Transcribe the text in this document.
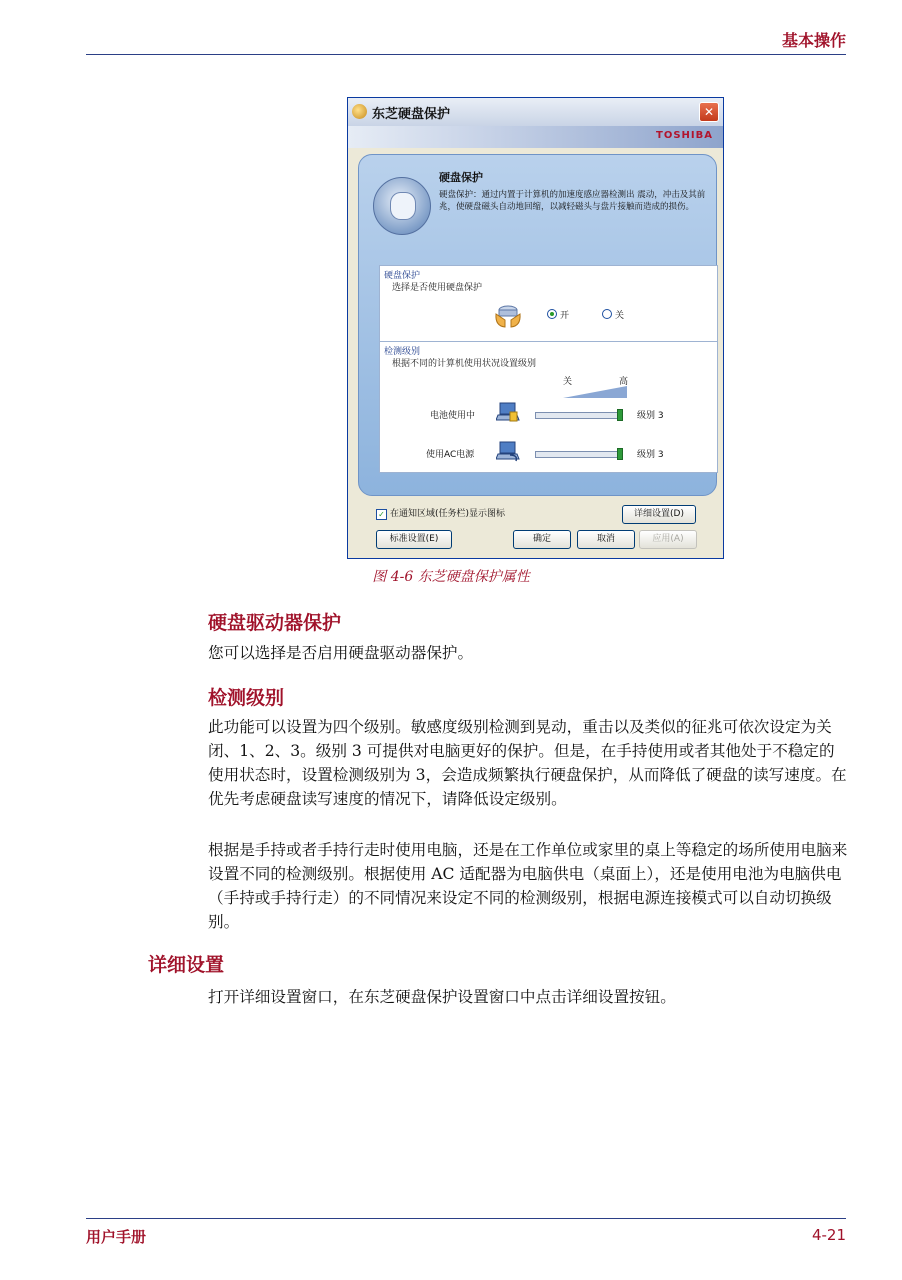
基本操作
东芝硬盘保护	✕
TOSHIBA
硬盘保护
硬盘保护：通过内置于计算机的加速度感应器检测出 震动，冲击及其前兆，使硬盘磁头自动地回缩，以减轻磁头与盘片接触而造成的损伤。
硬盘保护
选择是否使用硬盘保护
开	关
检测级别
根据不同的计算机使用状况设置级别
关	高
电池使用中	级别 3
使用AC电源	级别 3
✓ 在通知区域(任务栏)显示图标	详细设置(D)
标准设置(E)	确定	取消	应用(A)
图 4-6 东芝硬盘保护属性
硬盘驱动器保护
您可以选择是否启用硬盘驱动器保护。
检测级别
此功能可以设置为四个级别。敏感度级别检测到晃动，重击以及类似的征兆可依次设定为关闭、1、2、3。级别 3 可提供对电脑更好的保护。但是，在手持使用或者其他处于不稳定的使用状态时，设置检测级别为 3，会造成频繁执行硬盘保护，从而降低了硬盘的读写速度。在优先考虑硬盘读写速度的情况下，请降低设定级别。
根据是手持或者手持行走时使用电脑，还是在工作单位或家里的桌上等稳定的场所使用电脑来设置不同的检测级别。根据使用 AC 适配器为电脑供电（桌面上），还是使用电池为电脑供电 （手持或手持行走）的不同情况来设定不同的检测级别，根据电源连接模式可以自动切换级别。
详细设置
打开详细设置窗口，在东芝硬盘保护设置窗口中点击详细设置按钮。
用户手册	4-21
